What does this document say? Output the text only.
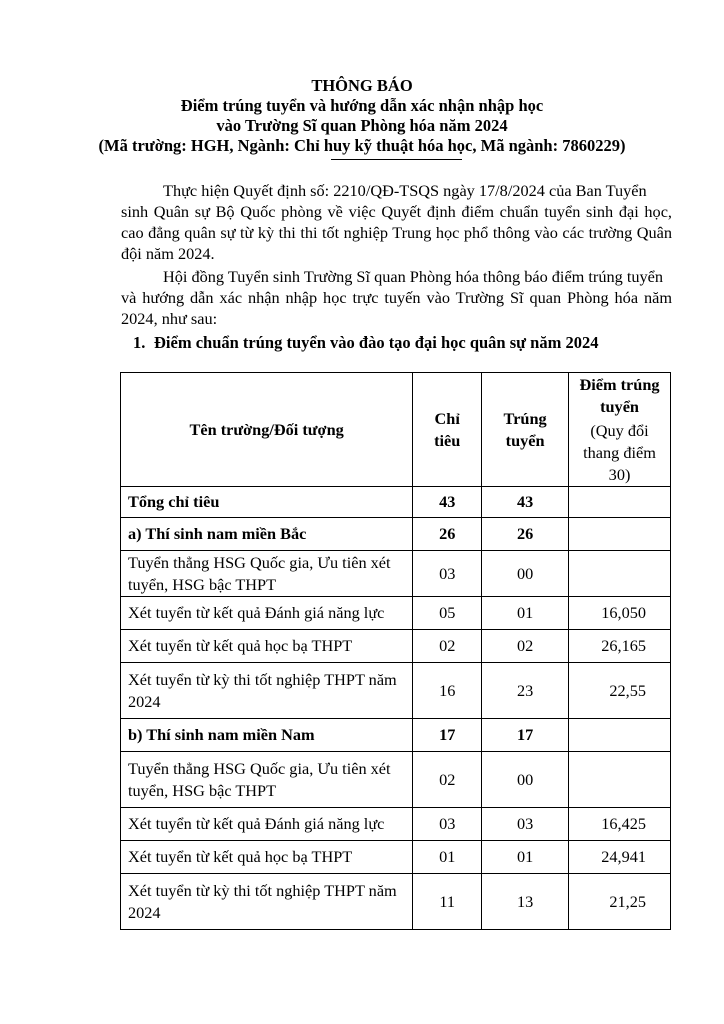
THÔNG BÁO
Điểm trúng tuyển và hướng dẫn xác nhận nhập học
vào Trường Sĩ quan Phòng hóa năm 2024
(Mã trường: HGH, Ngành: Chỉ huy kỹ thuật hóa học, Mã ngành: 7860229)
Thực hiện Quyết định số: 2210/QĐ-TSQS ngày 17/8/2024 của Ban Tuyển
sinh Quân sự Bộ Quốc phòng về việc Quyết định điểm chuẩn tuyển sinh đại học, cao đẳng quân sự từ kỳ thi thi tốt nghiệp Trung học phổ thông vào các trường Quân đội năm 2024.
Hội đồng Tuyển sinh Trường Sĩ quan Phòng hóa thông báo điểm trúng tuyển
và hướng dẫn xác nhận nhập học trực tuyến vào Trường Sĩ quan Phòng hóa năm 2024, như sau:
1. Điểm chuẩn trúng tuyển vào đào tạo đại học quân sự năm 2024
Tên trường/Đối tượng	Chỉ tiêu	Trúng tuyển	Điểm trúng tuyển
(Quy đổi thang điểm 30)

Tổng chỉ tiêu	43	43	
a) Thí sinh nam miền Bắc	26	26	
Tuyển thẳng HSG Quốc gia, Ưu tiên xét tuyển, HSG bậc THPT	03	00	
Xét tuyển từ kết quả Đánh giá năng lực	05	01	16,050
Xét tuyển từ kết quả học bạ THPT	02	02	26,165
Xét tuyển từ kỳ thi tốt nghiệp THPT năm 2024	16	23	22,55
b) Thí sinh nam miền Nam	17	17	
Tuyển thẳng HSG Quốc gia, Ưu tiên xét tuyển, HSG bậc THPT	02	00	
Xét tuyển từ kết quả Đánh giá năng lực	03	03	16,425
Xét tuyển từ kết quả học bạ THPT	01	01	24,941
Xét tuyển từ kỳ thi tốt nghiệp THPT năm 2024	11	13	21,25
